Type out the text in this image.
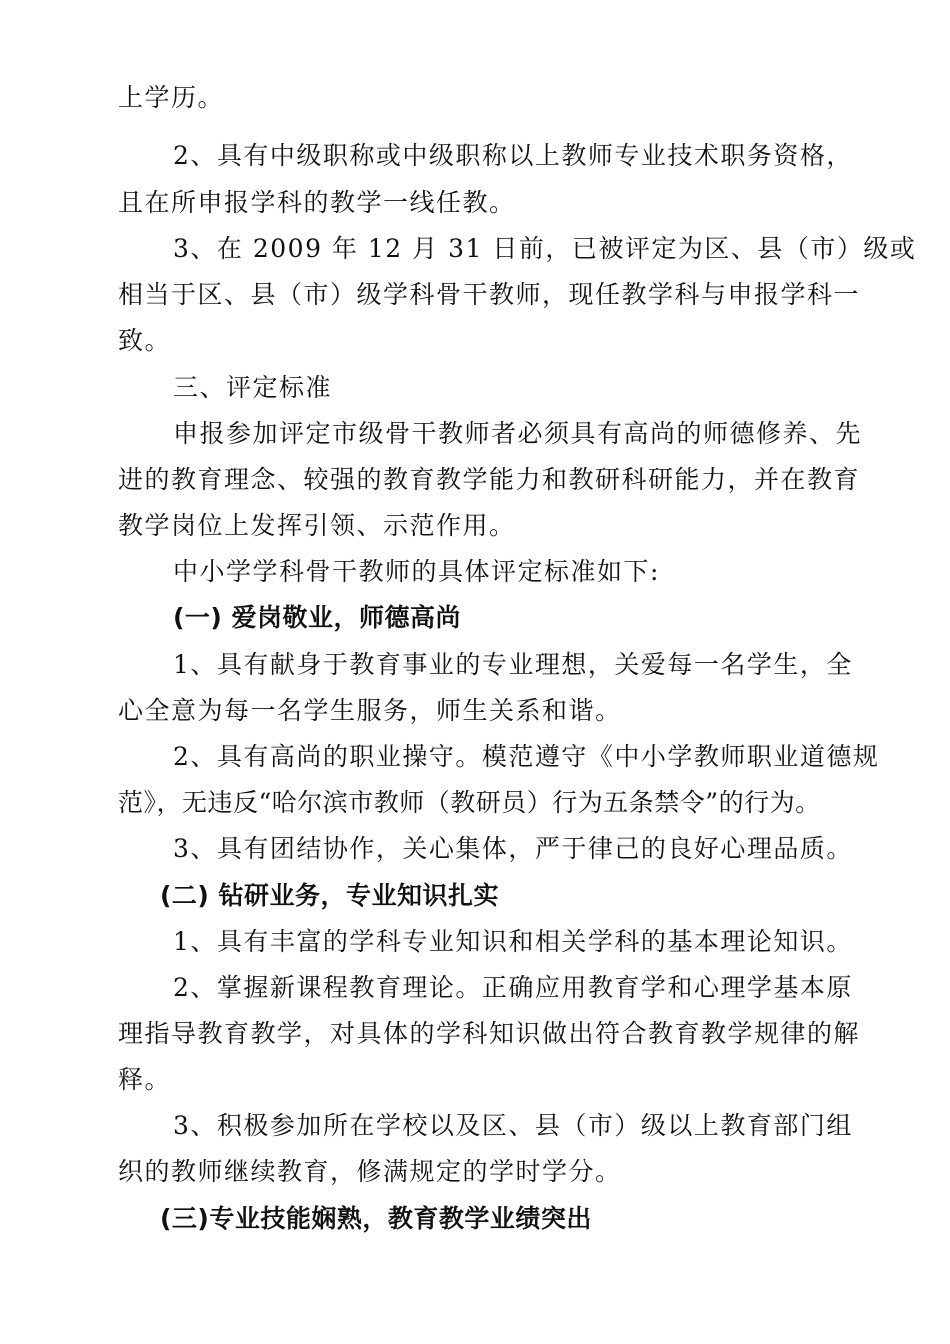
上学历。
2、具有中级职称或中级职称以上教师专业技术职务资格，
且在所申报学科的教学一线任教。
3、在 2009 年 12 月 31 日前，已被评定为区、县（市）级或
相当于区、县（市）级学科骨干教师，现任教学科与申报学科一
致。
三、评定标准
申报参加评定市级骨干教师者必须具有高尚的师德修养、先
进的教育理念、较强的教育教学能力和教研科研能力，并在教育
教学岗位上发挥引领、示范作用。
中小学学科骨干教师的具体评定标准如下:
(一) 爱岗敬业，师德高尚
1、具有献身于教育事业的专业理想，关爱每一名学生，全
心全意为每一名学生服务，师生关系和谐。
2、具有高尚的职业操守。模范遵守《中小学教师职业道德规
范》，无违反“哈尔滨市教师（教研员）行为五条禁令”的行为。
3、具有团结协作，关心集体，严于律己的良好心理品质。
(二) 钻研业务，专业知识扎实
1、具有丰富的学科专业知识和相关学科的基本理论知识。
2、掌握新课程教育理论。正确应用教育学和心理学基本原
理指导教育教学，对具体的学科知识做出符合教育教学规律的解
释。
3、积极参加所在学校以及区、县（市）级以上教育部门组
织的教师继续教育，修满规定的学时学分。
(三)专业技能娴熟，教育教学业绩突出
